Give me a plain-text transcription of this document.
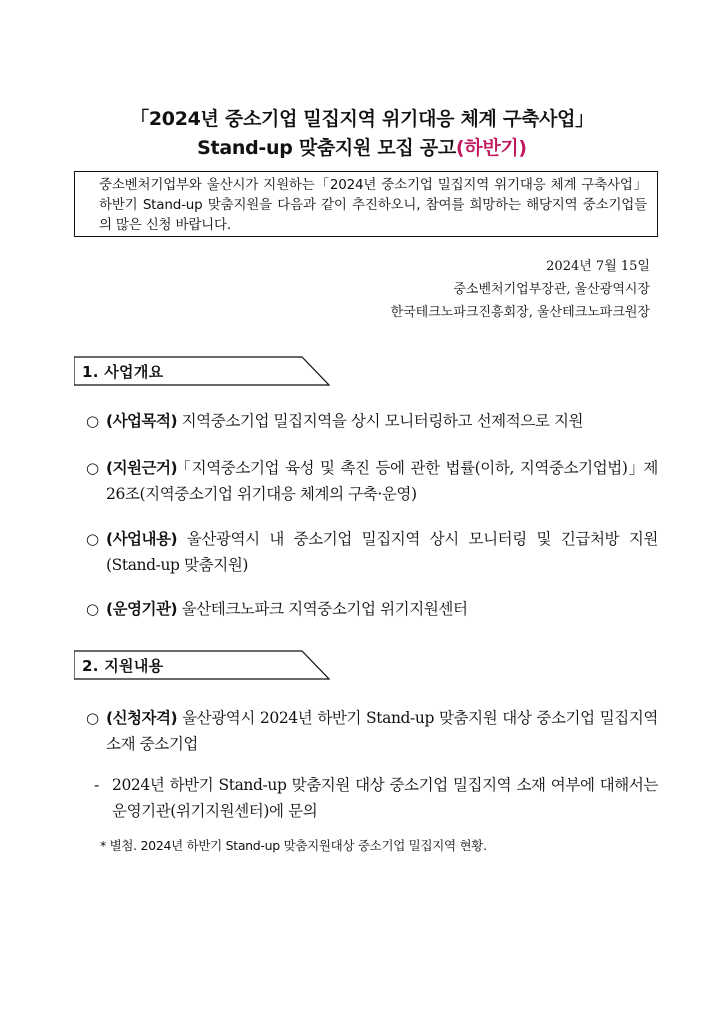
「2024년 중소기업 밀집지역 위기대응 체계 구축사업」
Stand-up 맞춤지원 모집 공고(하반기)
중소벤처기업부와 울산시가 지원하는「2024년 중소기업 밀집지역 위기대응 체계 구축사업」하반기 Stand-up 맞춤지원을 다음과 같이 추진하오니, 참여를 희망하는 해당지역 중소기업들의 많은 신청 바랍니다.
2024년 7월 15일
중소벤처기업부장관, 울산광역시장
한국테크노파크진흥회장, 울산테크노파크원장
1. 사업개요
○ (사업목적) 지역중소기업 밀집지역을 상시 모니터링하고 선제적으로 지원
○ (지원근거) ｢지역중소기업 육성 및 촉진 등에 관한 법률(이하, 지역중소기업법)｣ 제26조(지역중소기업 위기대응 체계의 구축·운영)
○ (사업내용) 울산광역시 내 중소기업 밀집지역 상시 모니터링 및 긴급처방 지원(Stand-up 맞춤지원)
○ (운영기관) 울산테크노파크 지역중소기업 위기지원센터
2. 지원내용
○ (신청자격) 울산광역시 2024년 하반기 Stand-up 맞춤지원 대상 중소기업 밀집지역 소재 중소기업
- 2024년 하반기 Stand-up 맞춤지원 대상 중소기업 밀집지역 소재 여부에 대해서는 운영기관(위기지원센터)에 문의
* 별첨. 2024년 하반기 Stand-up 맞춤지원대상 중소기업 밀집지역 현황.
